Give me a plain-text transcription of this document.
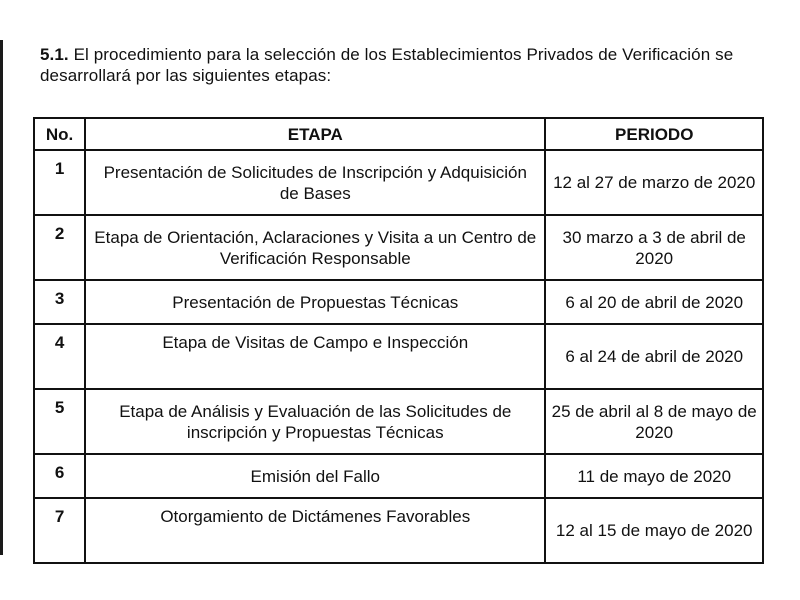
5.1. El procedimiento para la selección de los Establecimientos Privados de Verificación se desarrollará por las siguientes etapas:

No.	ETAPA	PERIODO
1	Presentación de Solicitudes de Inscripción y Adquisición de Bases	12 al 27 de marzo de 2020
2	Etapa de Orientación, Aclaraciones y Visita a un Centro de Verificación Responsable	30 marzo a 3 de abril de 2020
3	Presentación de Propuestas Técnicas	6 al 20 de abril de 2020
4	Etapa de Visitas de Campo e Inspección	6 al 24 de abril de 2020
5	Etapa de Análisis y Evaluación de las Solicitudes de inscripción y Propuestas Técnicas	25 de abril al 8 de mayo de 2020
6	Emisión del Fallo	11 de mayo de 2020
7	Otorgamiento de Dictámenes Favorables	12 al 15 de mayo de 2020
